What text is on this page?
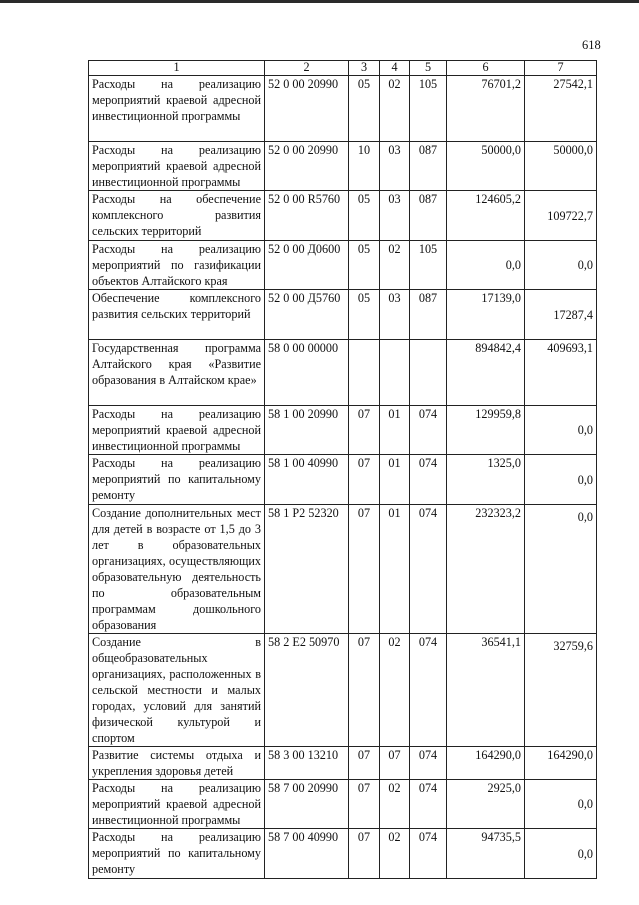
618
1	2	3	4	5	6	7
Расходы на реализацию мероприятий краевой адресной инвестиционной программы	52 0 00 20990	05	02	105	76701,2	27542,1
Расходы на реализацию мероприятий краевой адресной инвестиционной программы	52 0 00 20990	10	03	087	50000,0	50000,0
Расходы на обеспечение комплексного развития сельских территорий	52 0 00 R5760	05	03	087	124605,2	109722,7
Расходы на реализацию мероприятий по газификации объектов Алтайского края	52 0 00 Д0600	05	02	105	0,0	0,0
Обеспечение комплексного развития сельских территорий	52 0 00 Д5760	05	03	087	17139,0	17287,4
Государственная программа Алтайского края «Развитие образования в Алтайском крае»	58 0 00 00000				894842,4	409693,1
Расходы на реализацию мероприятий краевой адресной инвестиционной программы	58 1 00 20990	07	01	074	129959,8	0,0
Расходы на реализацию мероприятий по капитальному ремонту	58 1 00 40990	07	01	074	1325,0	0,0
Создание дополнительных мест для детей в возрасте от 1,5 до 3 лет в образовательных организациях, осуществляющих образовательную деятельность по образовательным программам дошкольного образования	58 1 P2 52320	07	01	074	232323,2	0,0
Создание в общеобразовательных организациях, расположенных в сельской местности и малых городах, условий для занятий физической культурой и спортом	58 2 E2 50970	07	02	074	36541,1	32759,6
Развитие системы отдыха и укрепления здоровья детей	58 3 00 13210	07	07	074	164290,0	164290,0
Расходы на реализацию мероприятий краевой адресной инвестиционной программы	58 7 00 20990	07	02	074	2925,0	0,0
Расходы на реализацию мероприятий по капитальному ремонту	58 7 00 40990	07	02	074	94735,5	0,0
